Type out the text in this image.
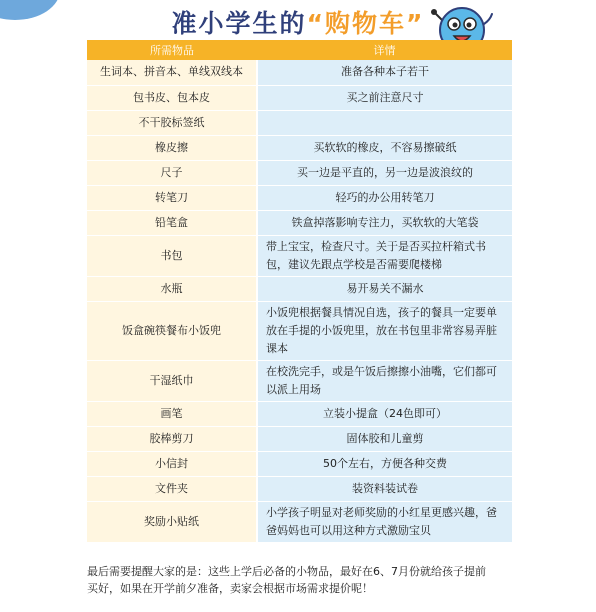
准小学生的“购物车”
所需物品	详情
生词本、拼音本、单线双线本	准备各种本子若干
包书皮、包本皮	买之前注意尺寸
不干胶标签纸	
橡皮擦	买软软的橡皮，不容易擦破纸
尺子	买一边是平直的，另一边是波浪纹的
转笔刀	轻巧的办公用转笔刀
铅笔盒	铁盒掉落影响专注力，买软软的大笔袋
书包	带上宝宝，检查尺寸。关于是否买拉杆箱式书包，建议先跟点学校是否需要爬楼梯
水瓶	易开易关不漏水
饭盒碗筷餐布小饭兜	小饭兜根据餐具情况自选，孩子的餐具一定要单放在手提的小饭兜里，放在书包里非常容易弄脏课本
干湿纸巾	在校洗完手，或是午饭后擦擦小油嘴，它们都可以派上用场
画笔	立装小提盒（24色即可）
胶棒剪刀	固体胶和儿童剪
小信封	50个左右，方便各种交费
文件夹	装资料装试卷
奖励小贴纸	小学孩子明显对老师奖励的小红星更感兴趣，爸爸妈妈也可以用这种方式激励宝贝
最后需要提醒大家的是：这些上学后必备的小物品，最好在6、7月份就给孩子提前
买好，如果在开学前夕准备，卖家会根据市场需求提价呢！
